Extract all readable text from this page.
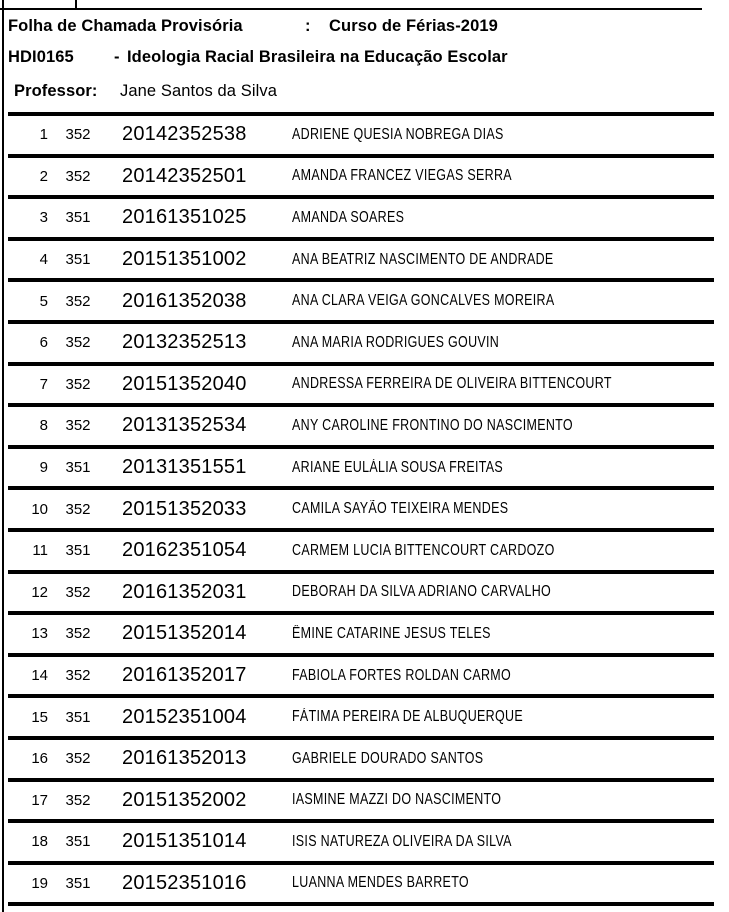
Folha de Chamada Provisória	: Curso de Férias-2019
HDI0165 - Ideologia Racial Brasileira na Educação Escolar
Professor: Jane Santos da Silva
1	352	20142352538	ADRIENE QUESIA NOBREGA DIAS
2	352	20142352501	AMANDA FRANCEZ VIEGAS SERRA
3	351	20161351025	AMANDA SOARES
4	351	20151351002	ANA BEATRIZ NASCIMENTO DE ANDRADE
5	352	20161352038	ANA CLARA VEIGA GONCALVES MOREIRA
6	352	20132352513	ANA MARIA RODRIGUES GOUVIN
7	352	20151352040	ANDRESSA FERREIRA DE OLIVEIRA BITTENCOURT
8	352	20131352534	ANY CAROLINE FRONTINO DO NASCIMENTO
9	351	20131351551	ARIANE EULÁLIA SOUSA FREITAS
10	352	20151352033	CAMILA SAYÃO TEIXEIRA MENDES
11	351	20162351054	CARMEM LUCIA BITTENCOURT CARDOZO
12	352	20161352031	DEBORAH DA SILVA ADRIANO CARVALHO
13	352	20151352014	ÊMINE CATARINE JESUS TELES
14	352	20161352017	FABIOLA FORTES ROLDAN CARMO
15	351	20152351004	FÁTIMA PEREIRA DE ALBUQUERQUE
16	352	20161352013	GABRIELE DOURADO SANTOS
17	352	20151352002	IASMINE MAZZI DO NASCIMENTO
18	351	20151351014	ISIS NATUREZA OLIVEIRA DA SILVA
19	351	20152351016	LUANNA MENDES BARRETO
